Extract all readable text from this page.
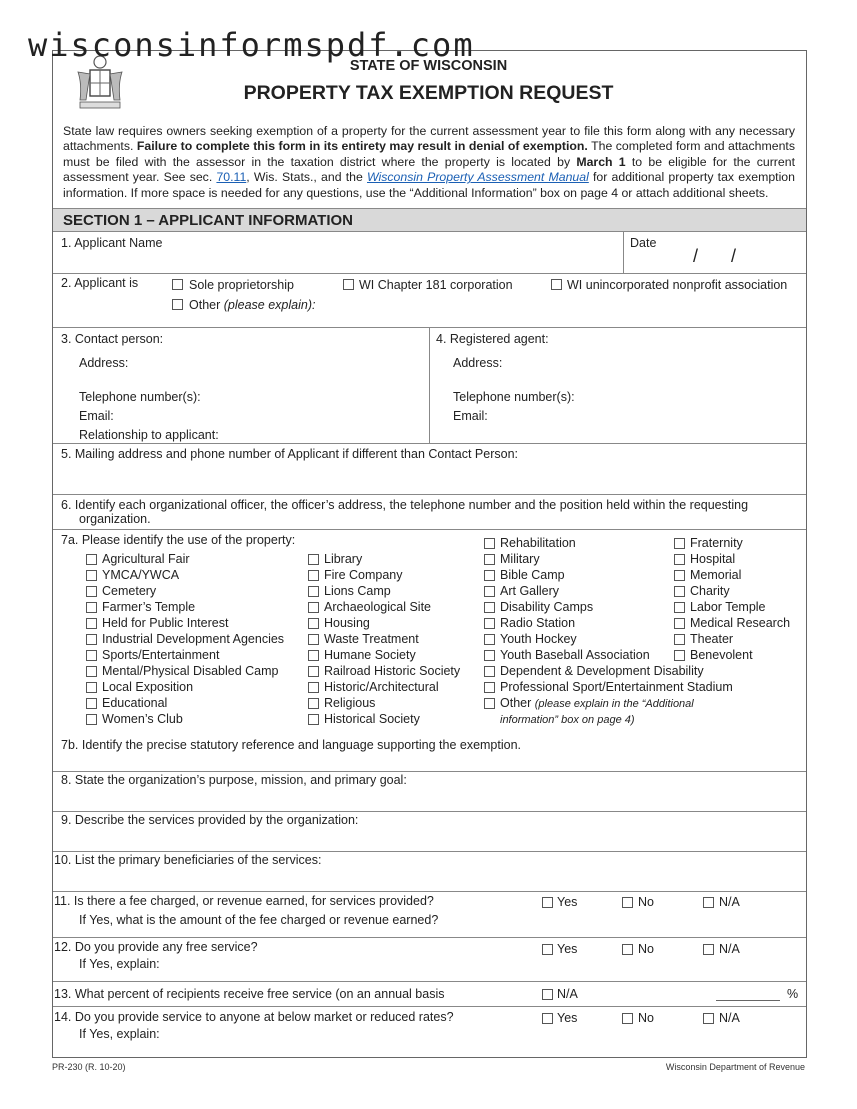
wisconsinformspdf.com
STATE OF WISCONSIN
PROPERTY TAX EXEMPTION REQUEST
State law requires owners seeking exemption of a property for the current assessment year to file this form along with any necessary attachments. Failure to complete this form in its entirety may result in denial of exemption. The completed form and attachments must be filed with the assessor in the taxation district where the property is located by March 1 to be eligible for the current assessment year. See sec. 70.11, Wis. Stats., and the Wisconsin Property Assessment Manual for additional property tax exemption information. If more space is needed for any questions, use the “Additional Information” box on page 4 or attach additional sheets.
SECTION 1 – APPLICANT INFORMATION
1. Applicant Name	Date
/ /
2. Applicant is	Sole proprietorship	WI Chapter 181 corporation	WI unincorporated nonprofit association
Other (please explain):
3. Contact person:
Address:
Telephone number(s):
Email:
Relationship to applicant:
4. Registered agent:
Address:
Telephone number(s):
Email:
5. Mailing address and phone number of Applicant if different than Contact Person:
6. Identify each organizational officer, the officer’s address, the telephone number and the position held within the requesting
organization.
7a. Please identify the use of the property:
Agricultural Fair
YMCA/YWCA
Cemetery
Farmer’s Temple
Held for Public Interest
Industrial Development Agencies
Sports/Entertainment
Mental/Physical Disabled Camp
Local Exposition
Educational
Women’s Club
Library
Fire Company
Lions Camp
Archaeological Site
Housing
Waste Treatment
Humane Society
Railroad Historic Society
Historic/Architectural
Religious
Historical Society
Rehabilitation
Military
Bible Camp
Art Gallery
Disability Camps
Radio Station
Youth Hockey
Youth Baseball Association
Dependent & Development Disability
Professional Sport/Entertainment Stadium
Other (please explain in the “Additional
information” box on page 4)
Fraternity
Hospital
Memorial
Charity
Labor Temple
Medical Research
Theater
Benevolent
7b. Identify the precise statutory reference and language supporting the exemption.
8. State the organization’s purpose, mission, and primary goal:
9. Describe the services provided by the organization:
10. List the primary beneficiaries of the services:
11. Is there a fee charged, or revenue earned, for services provided?
If Yes, what is the amount of the fee charged or revenue earned?
Yes	No	N/A
12. Do you provide any free service?
If Yes, explain:
Yes	No	N/A
13. What percent of recipients receive free service (on an annual basis	N/A	%
14. Do you provide service to anyone at below market or reduced rates?
If Yes, explain:
Yes	No	N/A
PR-230 (R. 10-20)	Wisconsin Department of Revenue
